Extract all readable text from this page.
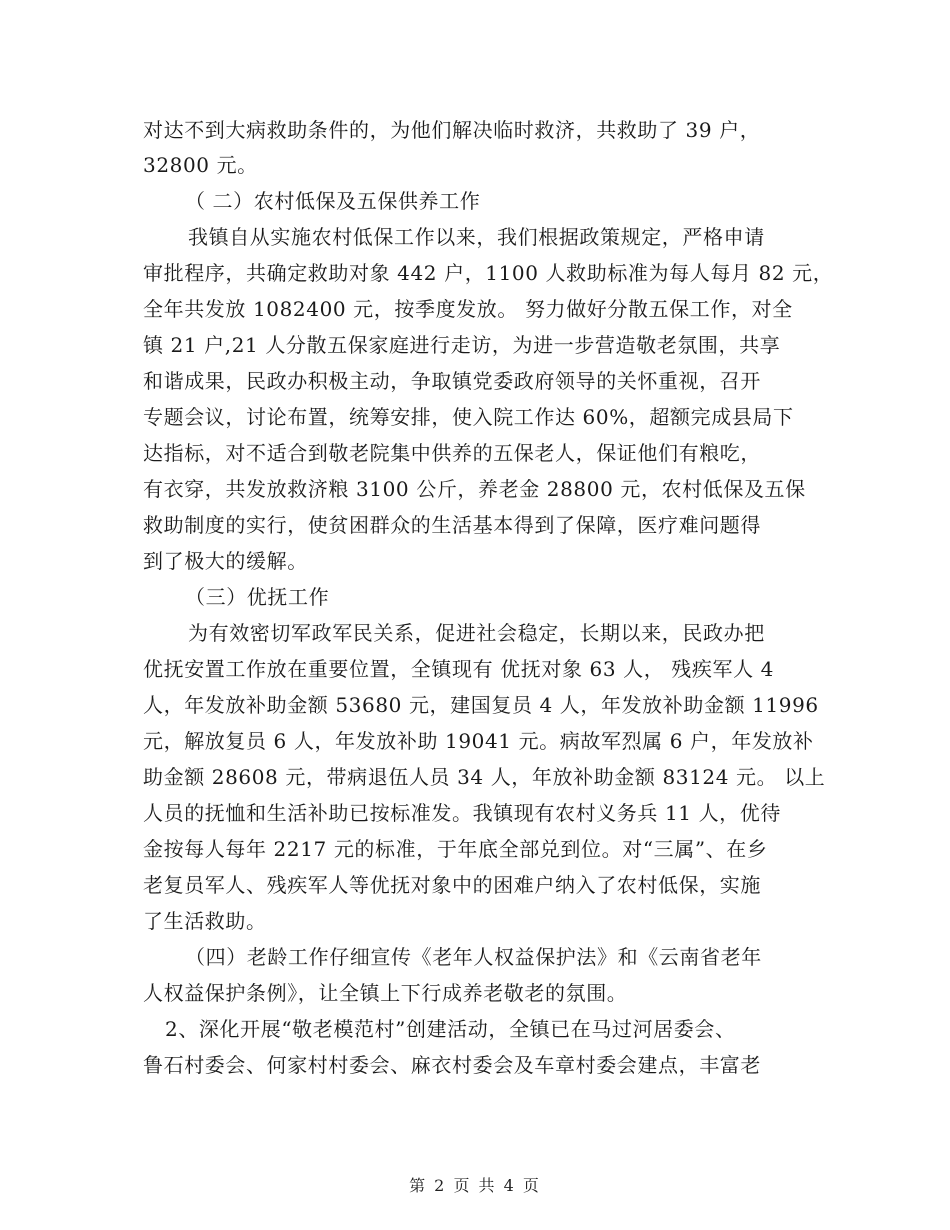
对达不到大病救助条件的，为他们解决临时救济，共救助了 39 户，
32800 元。
（ 二）农村低保及五保供养工作
我镇自从实施农村低保工作以来，我们根据政策规定，严格申请
审批程序，共确定救助对象 442 户，1100 人救助标准为每人每月 82 元，
全年共发放 1082400 元，按季度发放。 努力做好分散五保工作，对全
镇 21 户,21 人分散五保家庭进行走访，为进一步营造敬老氛围，共享
和谐成果，民政办积极主动，争取镇党委政府领导的关怀重视，召开
专题会议，讨论布置，统筹安排，使入院工作达 60%，超额完成县局下
达指标，对不适合到敬老院集中供养的五保老人，保证他们有粮吃，
有衣穿，共发放救济粮 3100 公斤，养老金 28800 元，农村低保及五保
救助制度的实行，使贫困群众的生活基本得到了保障，医疗难问题得
到了极大的缓解。
（三）优抚工作
为有效密切军政军民关系，促进社会稳定，长期以来，民政办把
优抚安置工作放在重要位置，全镇现有 优抚对象 63 人， 残疾军人 4
人，年发放补助金额 53680 元，建国复员 4 人，年发放补助金额 11996
元，解放复员 6 人，年发放补助 19041 元。病故军烈属 6 户，年发放补
助金额 28608 元，带病退伍人员 34 人，年放补助金额 83124 元。 以上
人员的抚恤和生活补助已按标准发。我镇现有农村义务兵 11 人，优待
金按每人每年 2217 元的标准，于年底全部兑到位。对“三属”、在乡
老复员军人、残疾军人等优抚对象中的困难户纳入了农村低保，实施
了生活救助。
（四）老龄工作仔细宣传《老年人权益保护法》和《云南省老年
人权益保护条例》，让全镇上下行成养老敬老的氛围。
2、深化开展“敬老模范村”创建活动，全镇已在马过河居委会、
鲁石村委会、何家村村委会、麻衣村委会及车章村委会建点，丰富老
第 2 页 共 4 页
